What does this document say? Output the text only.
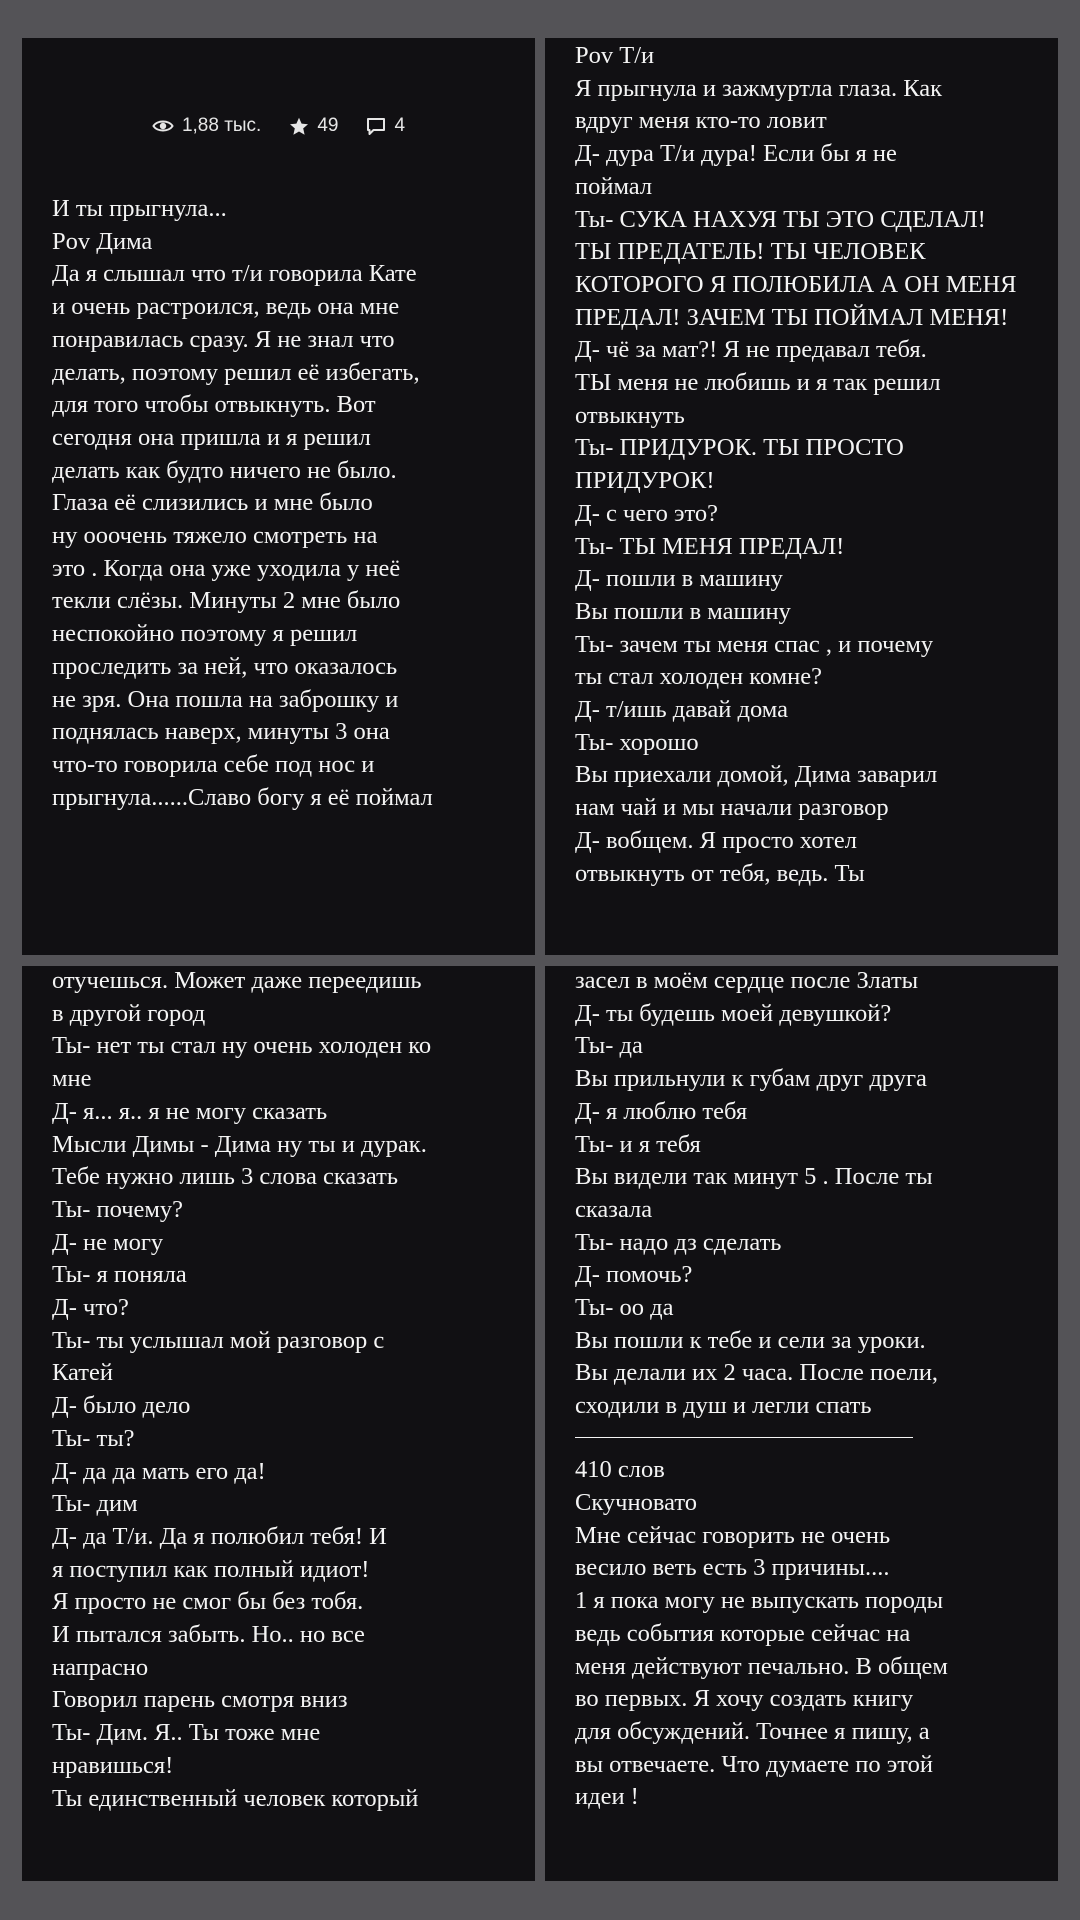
1,88 тыс.	49	4
И ты прыгнула...
Pov Дима
Да я слышал что т/и говорила Кате
и очень растроился, ведь она мне
понравилась сразу. Я не знал что
делать, поэтому решил её избегать,
для того чтобы отвыкнуть. Вот
сегодня она пришла и я решил
делать как будто ничего не было.
Глаза её слизились и мне было
ну ооочень тяжело смотреть на
это . Когда она уже уходила у неё
текли слёзы. Минуты 2 мне было
неспокойно поэтому я решил
проследить за ней, что оказалось
не зря. Она пошла на заброшку и
поднялась наверх, минуты 3 она
что-то говорила себе под нос и
прыгнула......Славо богу я её поймал
Pov Т/и
Я прыгнула и зажмуртла глаза. Как
вдруг меня кто-то ловит
Д- дура Т/и дура! Если бы я не
поймал
Ты- СУКА НАХУЯ ТЫ ЭТО СДЕЛАЛ!
ТЫ ПРЕДАТЕЛЬ! ТЫ ЧЕЛОВЕК
КОТОРОГО Я ПОЛЮБИЛА А ОН МЕНЯ
ПРЕДАЛ! ЗАЧЕМ ТЫ ПОЙМАЛ МЕНЯ!
Д- чё за мат?! Я не предавал тебя.
ТЫ меня не любишь и я так решил
отвыкнуть
Ты- ПРИДУРОК. ТЫ ПРОСТО
ПРИДУРОК!
Д- с чего это?
Ты- ТЫ МЕНЯ ПРЕДАЛ!
Д- пошли в машину
Вы пошли в машину
Ты- зачем ты меня спас , и почему
ты стал холоден комне?
Д- т/ишь давай дома
Ты- хорошо
Вы приехали домой, Дима заварил
нам чай и мы начали разговор
Д- вобщем. Я просто хотел
отвыкнуть от тебя, ведь. Ты
отучешься. Может даже переедишь
в другой город
Ты- нет ты стал ну очень холоден ко
мне
Д- я... я.. я не могу сказать
Мысли Димы - Дима ну ты и дурак.
Тебе нужно лишь 3 слова сказать
Ты- почему?
Д- не могу
Ты- я поняла
Д- что?
Ты- ты услышал мой разговор с
Катей
Д- было дело
Ты- ты?
Д- да да мать его да!
Ты- дим
Д- да Т/и. Да я полюбил тебя! И
я поступил как полный идиот!
Я просто не смог бы без тобя.
И пытался забыть. Но.. но все
напрасно
Говорил парень смотря вниз
Ты- Дим. Я.. Ты тоже мне
нравишься!
Ты единственный человек который
засел в моём сердце после Златы
Д- ты будешь моей девушкой?
Ты- да
Вы прильнули к губам друг друга
Д- я люблю тебя
Ты- и я тебя
Вы видели так минут 5 . После ты
сказала
Ты- надо дз сделать
Д- помочь?
Ты- оо да
Вы пошли к тебе и сели за уроки.
Вы делали их 2 часа. После поели,
сходили в душ и легли спать
410 слов
Скучновато
Мне сейчас говорить не очень
весило веть есть 3 причины....
1 я пока могу не выпускать породы
ведь события которые сейчас на
меня действуют печально. В общем
во первых. Я хочу создать книгу
для обсуждений. Точнее я пишу, а
вы отвечаете. Что думаете по этой
идеи !
